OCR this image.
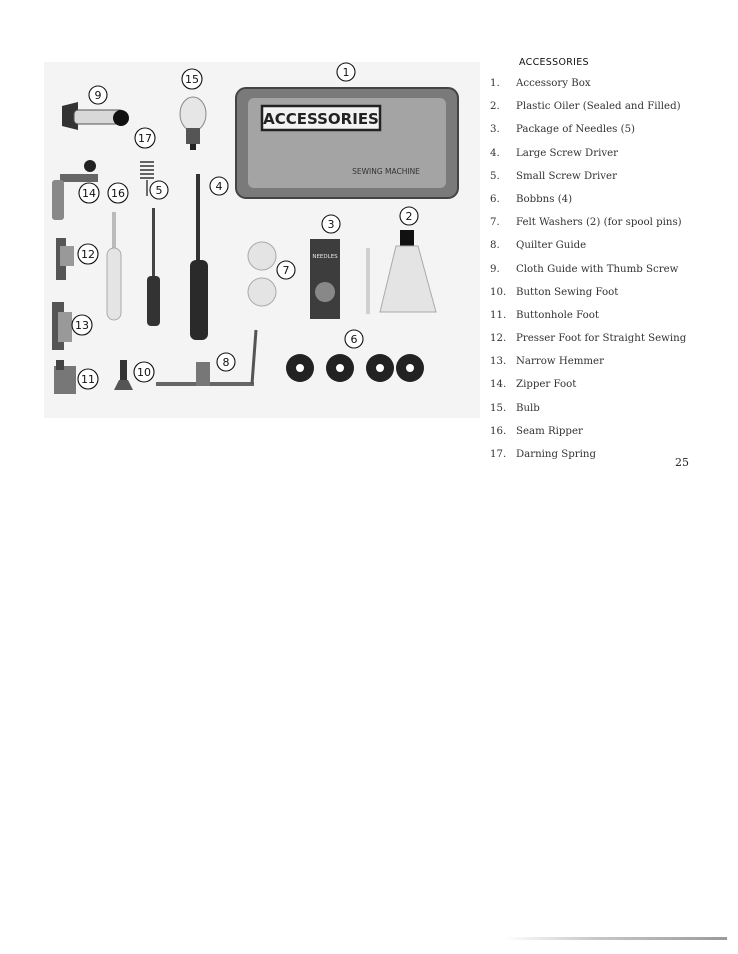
ACCESSORIES
SEWING MACHINE
NEEDLES
1
2
3
4
5
6
7
8
9
10
11
12
13
14
15
16
17
ACCESSORIES
1.	Accessory Box
2.	Plastic Oiler (Sealed and Filled)
3.	Package of Needles (5)
4.	Large Screw Driver
5.	Small Screw Driver
6.	Bobbns (4)
7.	Felt Washers (2) (for spool pins)
8.	Quilter Guide
9.	Cloth Guide with Thumb Screw
10. Button Sewing Foot
11. Buttonhole Foot
12. Presser Foot for Straight Sewing
13. Narrow Hemmer
14. Zipper Foot
15. Bulb
16. Seam Ripper
17. Darning Spring
25
